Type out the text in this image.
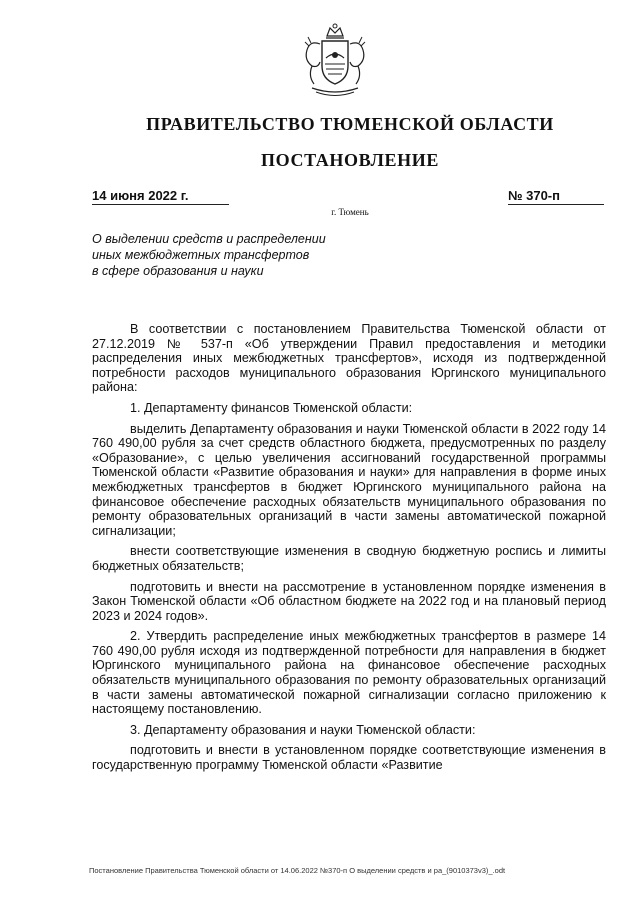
ПРАВИТЕЛЬСТВО ТЮМЕНСКОЙ ОБЛАСТИ
ПОСТАНОВЛЕНИЕ
14 июня 2022 г.	№ 370-п
г. Тюмень
О выделении средств и распределении
иных межбюджетных трансфертов
в сфере образования и науки

В соответствии с постановлением Правительства Тюменской области от 27.12.2019 № 537-п «Об утверждении Правил предоставления и методики распределения иных межбюджетных трансфертов», исходя из подтвержденной потребности расходов муниципального образования Юргинского муниципального района:

1. Департаменту финансов Тюменской области:

выделить Департаменту образования и науки Тюменской области в 2022 году 14 760 490,00 рубля за счет средств областного бюджета, предусмотренных по разделу «Образование», с целью увеличения ассигнований государственной программы Тюменской области «Развитие образования и науки» для направления в форме иных межбюджетных трансфертов в бюджет Юргинского муниципального района на финансовое обеспечение расходных обязательств муниципального образования по ремонту образовательных организаций в части замены автоматической пожарной сигнализации;

внести соответствующие изменения в сводную бюджетную роспись и лимиты бюджетных обязательств;

подготовить и внести на рассмотрение в установленном порядке изменения в Закон Тюменской области «Об областном бюджете на 2022 год и на плановый период 2023 и 2024 годов».

2. Утвердить распределение иных межбюджетных трансфертов в размере 14 760 490,00 рубля исходя из подтвержденной потребности для направления в бюджет Юргинского муниципального района на финансовое обеспечение расходных обязательств муниципального образования по ремонту образовательных организаций в части замены автоматической пожарной сигнализации согласно приложению к настоящему постановлению.

3. Департаменту образования и науки Тюменской области:

подготовить и внести в установленном порядке соответствующие изменения в государственную программу Тюменской области «Развитие

Постановление Правительства Тюменской области от 14.06.2022 №370-п О выделении средств и ра_(9010373v3)_.odt
